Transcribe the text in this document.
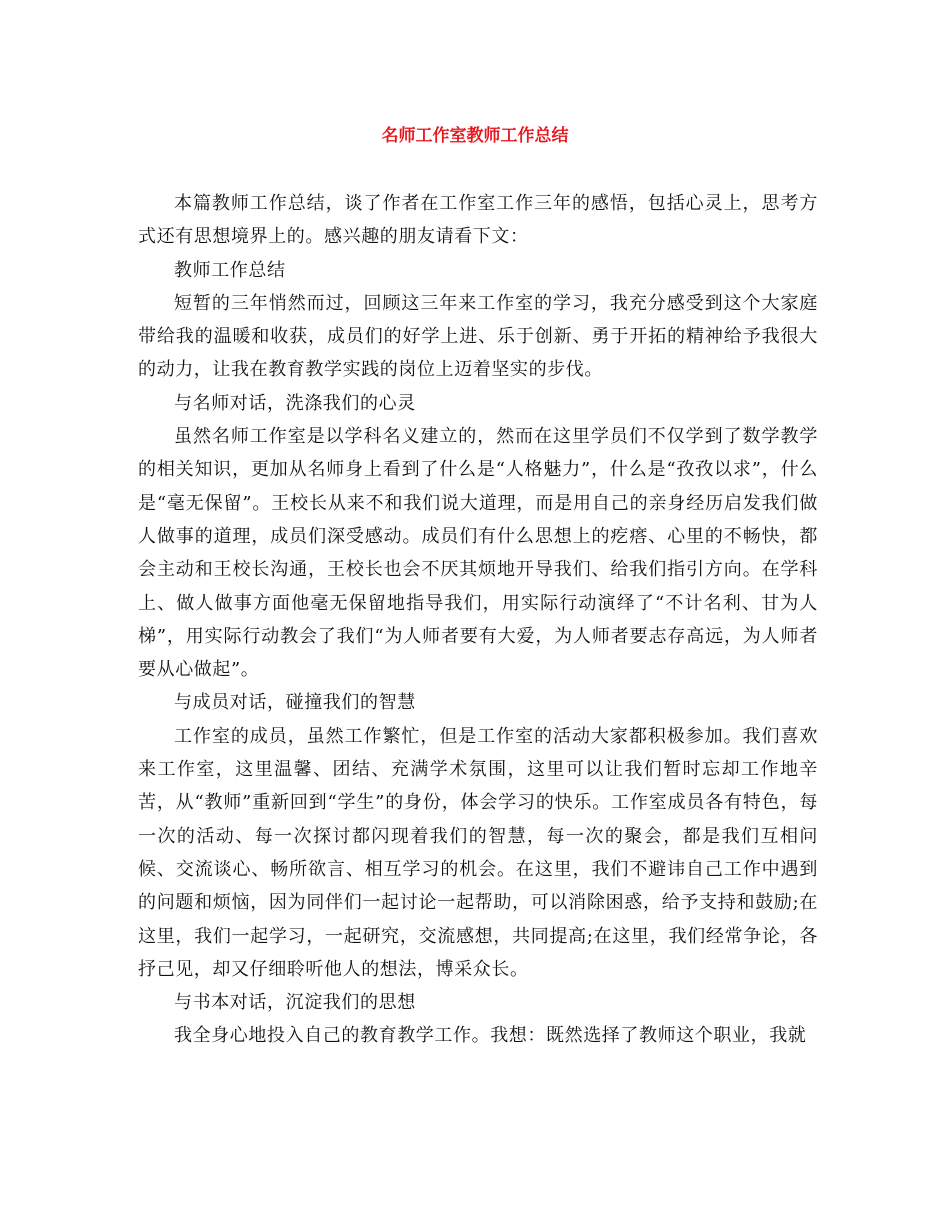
名师工作室教师工作总结

本篇教师工作总结，谈了作者在工作室工作三年的感悟，包括心灵上，思考方式还有思想境界上的。感兴趣的朋友请看下文：

教师工作总结

短暂的三年悄然而过，回顾这三年来工作室的学习，我充分感受到这个大家庭带给我的温暖和收获，成员们的好学上进、乐于创新、勇于开拓的精神给予我很大的动力，让我在教育教学实践的岗位上迈着坚实的步伐。

与名师对话，洗涤我们的心灵

虽然名师工作室是以学科名义建立的，然而在这里学员们不仅学到了数学教学的相关知识，更加从名师身上看到了什么是“人格魅力”，什么是“孜孜以求”，什么是“毫无保留”。王校长从来不和我们说大道理，而是用自己的亲身经历启发我们做人做事的道理，成员们深受感动。成员们有什么思想上的疙瘩、心里的不畅快，都会主动和王校长沟通，王校长也会不厌其烦地开导我们、给我们指引方向。在学科上、做人做事方面他毫无保留地指导我们，用实际行动演绎了“不计名利、甘为人梯”，用实际行动教会了我们“为人师者要有大爱，为人师者要志存高远，为人师者要从心做起”。

与成员对话，碰撞我们的智慧

工作室的成员，虽然工作繁忙，但是工作室的活动大家都积极参加。我们喜欢来工作室，这里温馨、团结、充满学术氛围，这里可以让我们暂时忘却工作地辛苦，从“教师”重新回到“学生”的身份，体会学习的快乐。工作室成员各有特色，每一次的活动、每一次探讨都闪现着我们的智慧，每一次的聚会，都是我们互相问候、交流谈心、畅所欲言、相互学习的机会。在这里，我们不避讳自己工作中遇到的问题和烦恼，因为同伴们一起讨论一起帮助，可以消除困惑，给予支持和鼓励;在这里，我们一起学习，一起研究，交流感想，共同提高;在这里，我们经常争论，各抒己见，却又仔细聆听他人的想法，博采众长。

与书本对话，沉淀我们的思想

我全身心地投入自己的教育教学工作。我想：既然选择了教师这个职业，我就
